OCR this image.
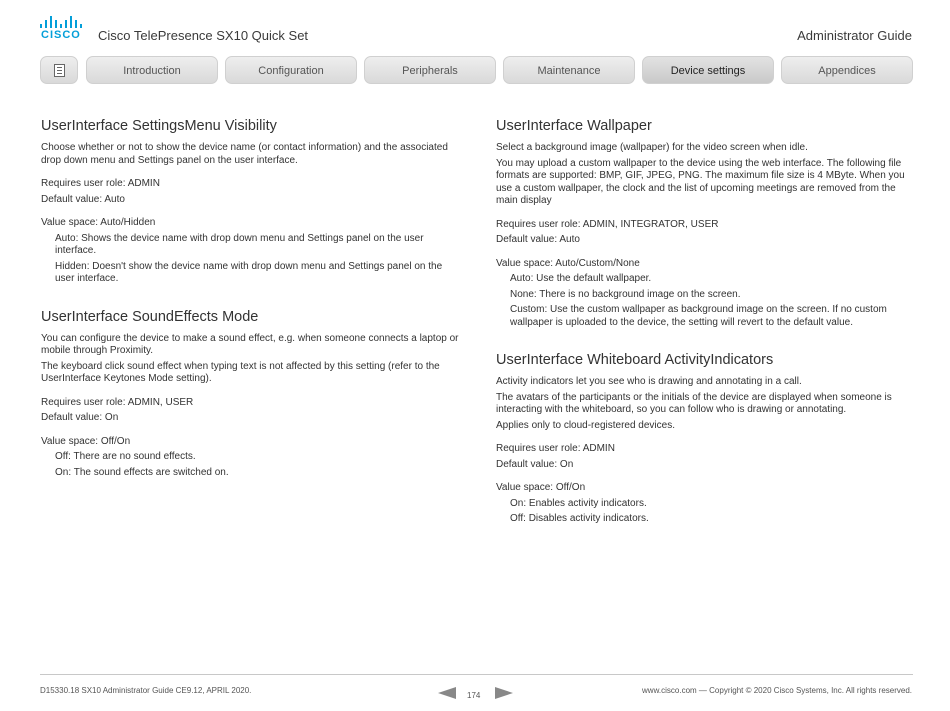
CISCO Cisco TelePresence SX10 Quick Set	Administrator Guide
Introduction	Configuration	Peripherals	Maintenance	Device settings	Appendices
UserInterface SettingsMenu Visibility

Choose whether or not to show the device name (or contact information) and the associated drop down menu and Settings panel on the user interface.

Requires user role: ADMIN

Default value: Auto

Value space: Auto/Hidden

Auto: Shows the device name with drop down menu and Settings panel on the user interface.

Hidden: Doesn't show the device name with drop down menu and Settings panel on the user interface.

UserInterface SoundEffects Mode

You can configure the device to make a sound effect, e.g. when someone connects a laptop or mobile through Proximity.

The keyboard click sound effect when typing text is not affected by this setting (refer to the UserInterface Keytones Mode setting).

Requires user role: ADMIN, USER

Default value: On

Value space: Off/On

Off: There are no sound effects.

On: The sound effects are switched on.

UserInterface Wallpaper

Select a background image (wallpaper) for the video screen when idle.

You may upload a custom wallpaper to the device using the web interface. The following file formats are supported: BMP, GIF, JPEG, PNG. The maximum file size is 4 MByte. When you use a custom wallpaper, the clock and the list of upcoming meetings are removed from the main display

Requires user role: ADMIN, INTEGRATOR, USER

Default value: Auto

Value space: Auto/Custom/None

Auto: Use the default wallpaper.

None: There is no background image on the screen.

Custom: Use the custom wallpaper as background image on the screen. If no custom wallpaper is uploaded to the device, the setting will revert to the default value.

UserInterface Whiteboard ActivityIndicators

Activity indicators let you see who is drawing and annotating in a call.

The avatars of the participants or the initials of the device are displayed when someone is interacting with the whiteboard, so you can follow who is drawing or annotating.

Applies only to cloud-registered devices.

Requires user role: ADMIN

Default value: On

Value space: Off/On

On: Enables activity indicators.

Off: Disables activity indicators.

D15330.18 SX10 Administrator Guide CE9.12, APRIL 2020.
174
www.cisco.com — Copyright © 2020 Cisco Systems, Inc. All rights reserved.
